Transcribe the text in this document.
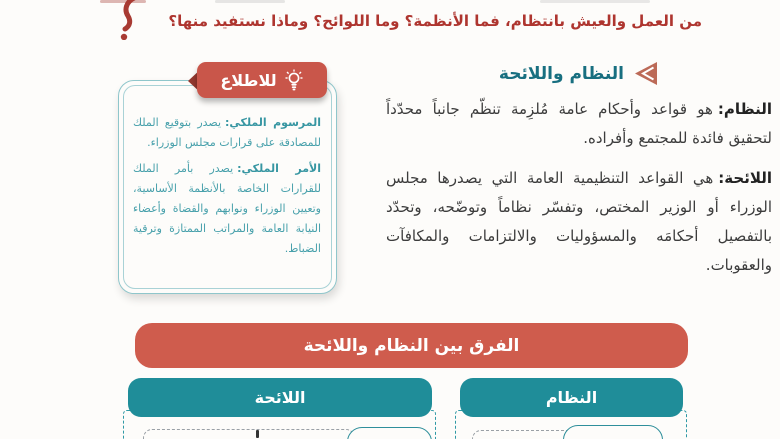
من العمل والعيش بانتظام، فما الأنظمة؟ وما اللوائح؟ وماذا نستفيد منها؟

المرسوم الملكي:يصدر بتوقيع الملك للمصادقة على قرارات مجلس الوزراء.

الأمر الملكي:يصدر بأمر الملك للقرارات الخاصة بالأنظمة الأساسية، وتعيين الوزراء ونوابهم والقضاة وأعضاء النيابة العامة والمراتب الممتازة وترقية الضباط.

للاطلاع	النظام واللائحة

النظام:هو قواعد وأحكام عامة مُلزِمة تنظّم جانباً محدّداً لتحقيق فائدة للمجتمع وأفراده.

اللائحة:هي القواعد التنظيمية العامة التي يصدرها مجلس الوزراء أو الوزير المختص، وتفسّر نظاماً وتوضّحه، وتحدّد بالتفصيل أحكامَه والمسؤوليات والالتزامات والمكافآت والعقوبات.

الفرق بين النظام واللائحة
النظام
اللائحة
